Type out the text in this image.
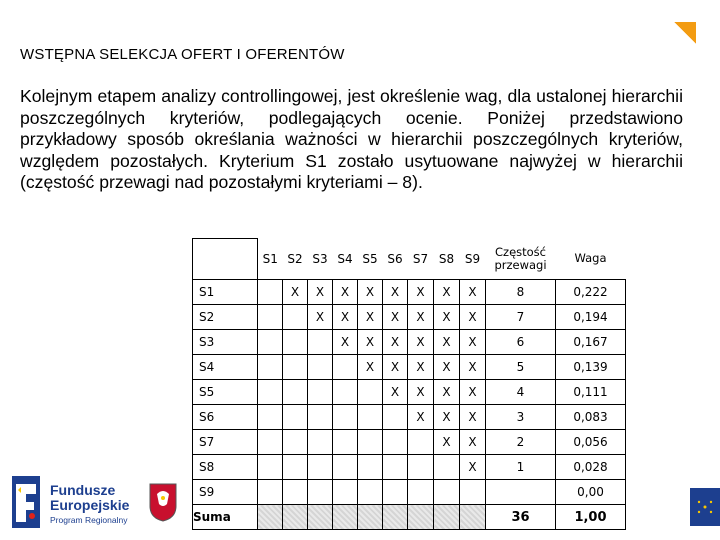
WSTĘPNA SELEKCJA OFERT I OFERENTÓW
Kolejnym etapem analizy controllingowej, jest określenie wag, dla ustalonej hierarchii poszczególnych kryteriów, podlegających ocenie. Poniżej przedstawiono przykładowy sposób określania ważności w hierarchii poszczególnych kryteriów, względem pozostałych. Kryterium S1 zostało usytuowane najwyżej w hierarchii (częstość przewagi nad pozostałymi kryteriami – 8).
	S1	S2	S3	S4	S5	S6	S7	S8	S9	Częstość przewagi	Waga
S1		X	X	X	X	X	X	X	X	8	0,222
S2			X	X	X	X	X	X	X	7	0,194
S3				X	X	X	X	X	X	6	0,167
S4					X	X	X	X	X	5	0,139
S5						X	X	X	X	4	0,111
S6							X	X	X	3	0,083
S7								X	X	2	0,056
S8									X	1	0,028
S9											0,00
Suma										36	1,00
Fundusze
Europejskie
Program Regionalny
